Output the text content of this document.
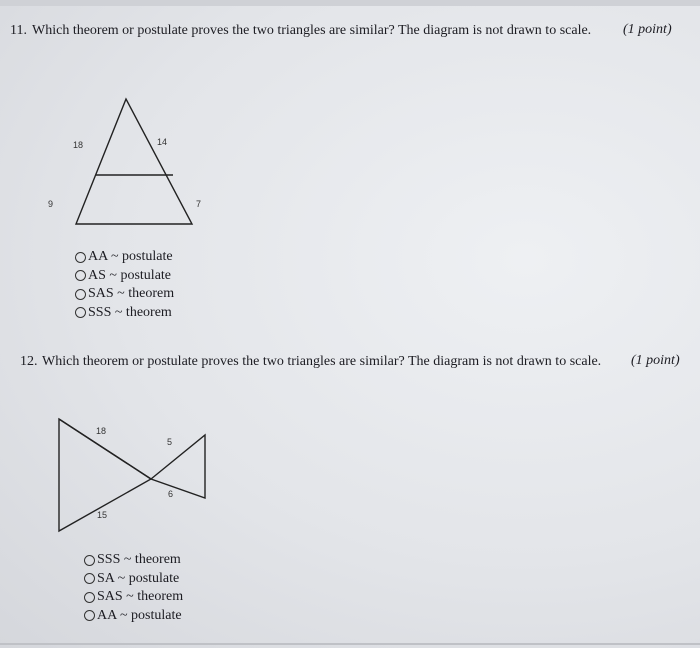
11. Which theorem or postulate proves the two triangles are similar? The diagram is not drawn to scale. (1 point)
18	14
9	7
AA ~ postulate
AS ~ postulate
SAS ~ theorem
SSS ~ theorem
12. Which theorem or postulate proves the two triangles are similar? The diagram is not drawn to scale. (1 point)
18
5
6
15
SSS ~ theorem
SA ~ postulate
SAS ~ theorem
AA ~ postulate
